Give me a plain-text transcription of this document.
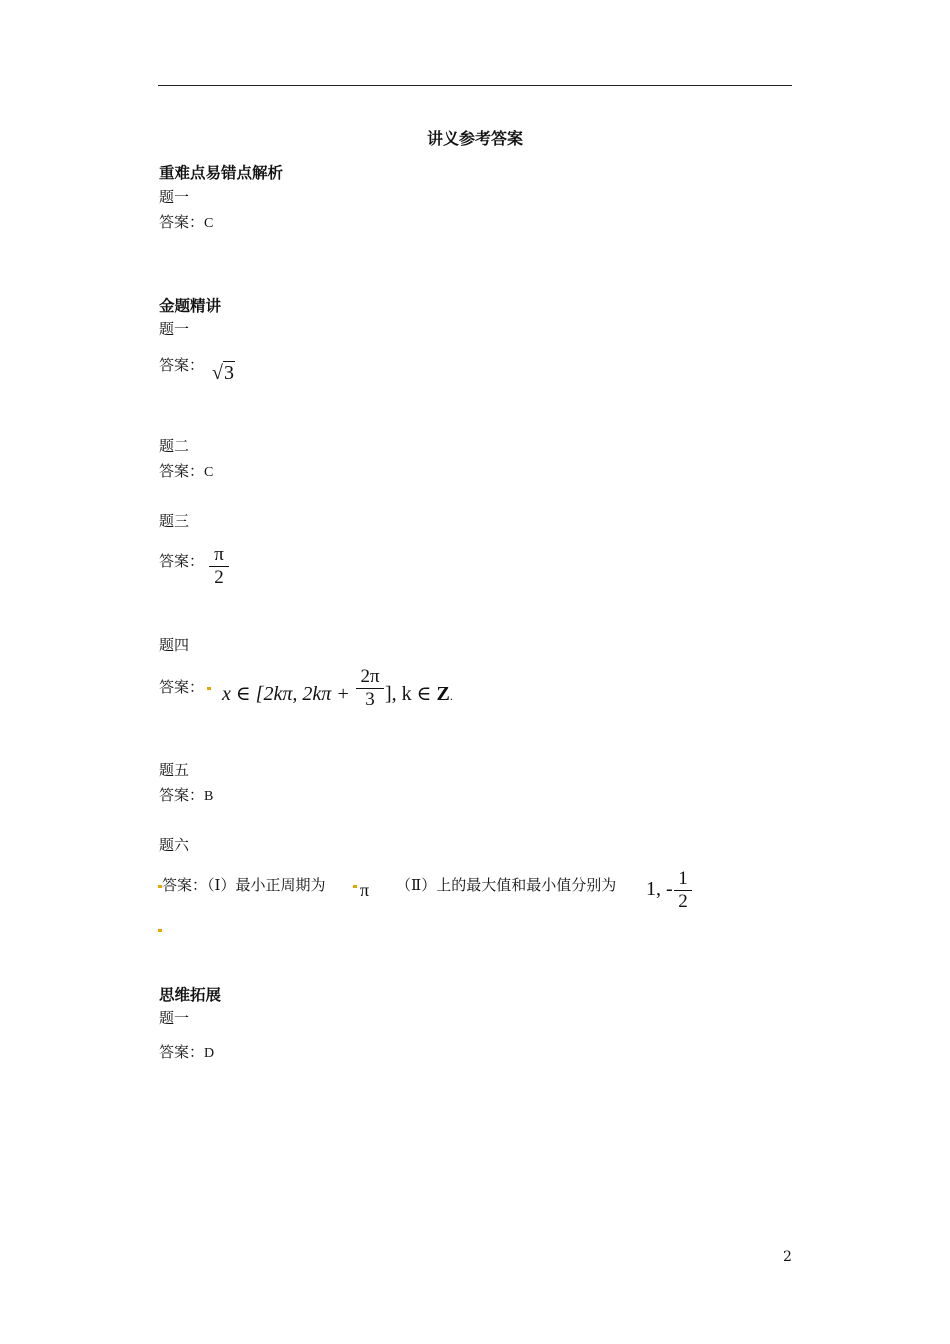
讲义参考答案
重难点易错点解析
题一
答案：C
金题精讲
题一
答案： √3
题二
答案：C
题三
答案： π
2
题四
答案： x ∈ [2kπ, 2kπ +
2π
3 ], k ∈ Z.
题五
答案：B
题六
答案：（Ⅰ）最小正周期为 π （Ⅱ）上的最大值和最小值分别为 1, - 1
2
思维拓展
题一
答案：D
2
